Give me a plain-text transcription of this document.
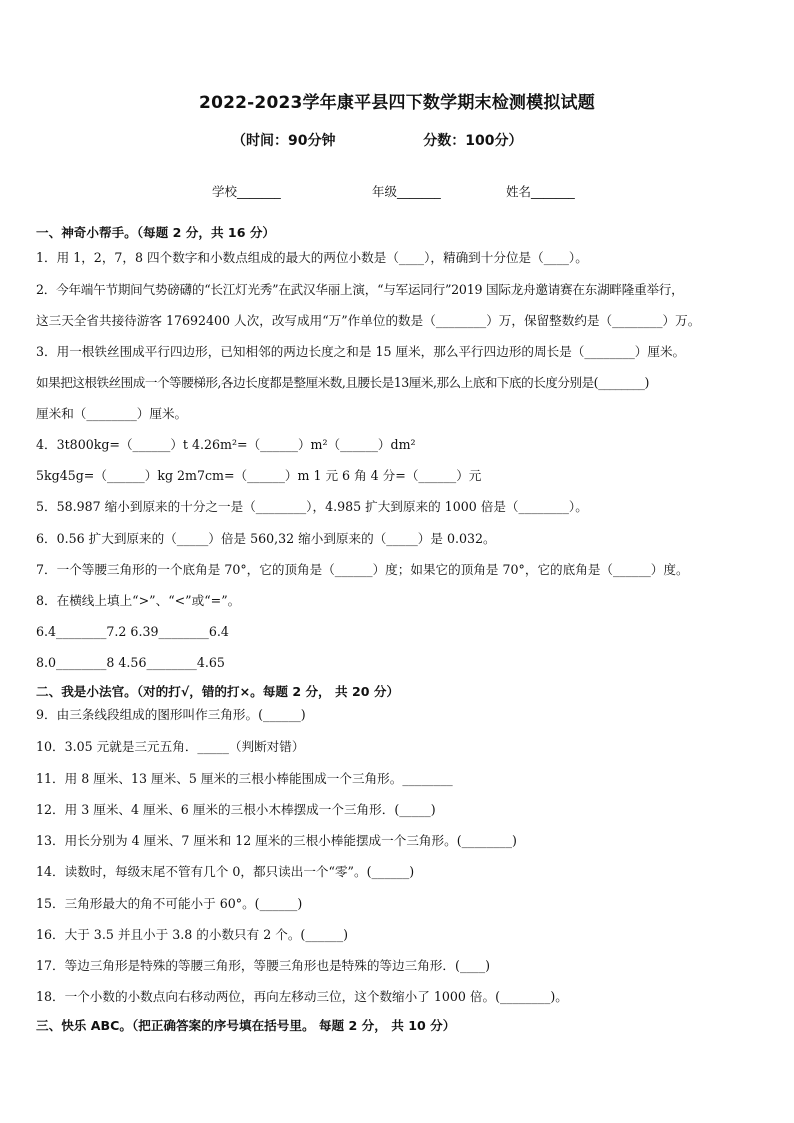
2022-2023学年康平县四下数学期末检测模拟试题
（时间：90分钟                  分数：100分）
学校_______	年级_______	姓名_______
一、神奇小帮手。（每题 2 分，共 16 分）
1．用 1，2，7，8 四个数字和小数点组成的最大的两位小数是（____），精确到十分位是（____）。
2．今年端午节期间气势磅礴的“长江灯光秀”在武汉华丽上演，“与军运同行”2019 国际龙舟邀请赛在东湖畔隆重举行，
这三天全省共接待游客 17692400 人次，改写成用“万”作单位的数是（________）万，保留整数约是（________）万。
3．用一根铁丝围成平行四边形，已知相邻的两边长度之和是 15 厘米，那么平行四边形的周长是（________）厘米。
如果把这根铁丝围成一个等腰梯形,各边长度都是整厘米数,且腰长是13厘米,那么上底和下底的长度分别是(________)
厘米和（________）厘米。
4．3t800kg=（______）t 4.26m²=（______）m²（______）dm²
5kg45g=（______）kg 2m7cm=（______）m 1 元 6 角 4 分=（______）元
5．58.987 缩小到原来的十分之一是（________），4.985 扩大到原来的 1000 倍是（________）。
6．0.56 扩大到原来的（_____）倍是 560,32 缩小到原来的（_____）是 0.032。
7．一个等腰三角形的一个底角是 70°，它的顶角是（______）度；如果它的顶角是 70°，它的底角是（______）度。
8．在横线上填上“>”、“<”或“=”。
6.4________7.2 6.39________6.4
8.0________8 4.56________4.65
二、我是小法官。（对的打√，错的打×。每题 2 分， 共 20 分）
9．由三条线段组成的图形叫作三角形。(______)
10．3.05 元就是三元五角．_____（判断对错）
11．用 8 厘米、13 厘米、5 厘米的三根小棒能围成一个三角形。________
12．用 3 厘米、4 厘米、6 厘米的三根小木棒摆成一个三角形．(_____)
13．用长分别为 4 厘米、7 厘米和 12 厘米的三根小棒能摆成一个三角形。(________)
14．读数时，每级末尾不管有几个 0，都只读出一个“零”。(______)
15．三角形最大的角不可能小于 60°。(______)
16．大于 3.5 并且小于 3.8 的小数只有 2 个。(______)
17．等边三角形是特殊的等腰三角形，等腰三角形也是特殊的等边三角形．(____)
18．一个小数的小数点向右移动两位，再向左移动三位，这个数缩小了 1000 倍。(________)。
三、快乐 ABC。（把正确答案的序号填在括号里。 每题 2 分， 共 10 分）
